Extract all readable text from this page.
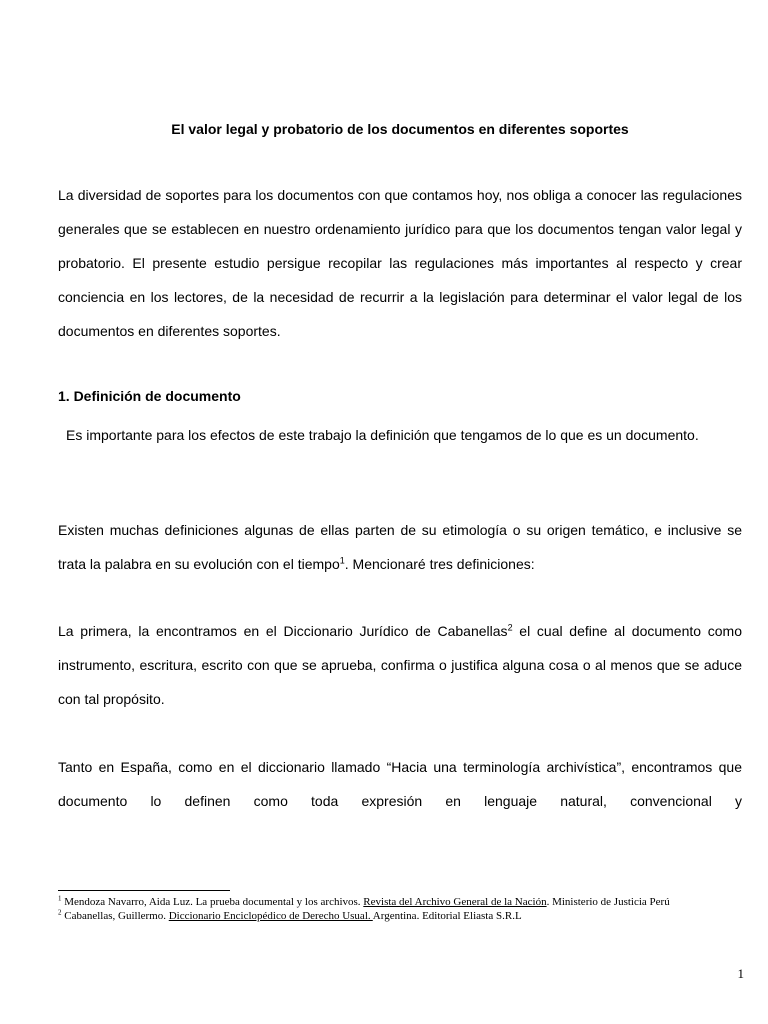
El valor legal y probatorio de los documentos en diferentes soportes

La diversidad de soportes para los documentos con que contamos hoy, nos obliga a conocer las regulaciones generales que se establecen en nuestro ordenamiento jurídico para que los documentos tengan valor legal y probatorio. El presente estudio persigue recopilar las regulaciones más importantes al respecto y crear conciencia en los lectores, de la necesidad de recurrir a la legislación para determinar el valor legal de los documentos en diferentes soportes.

1. Definición de documento

Es importante para los efectos de este trabajo la definición que tengamos de lo que es un documento.

Existen muchas definiciones algunas de ellas parten de su etimología o su origen temático, e inclusive se trata la palabra en su evolución con el tiempo$^1$. Mencionaré tres definiciones:

La primera, la encontramos en el Diccionario Jurídico de Cabanellas$^2$ el cual define al documento como instrumento, escritura, escrito con que se aprueba, confirma o justifica alguna cosa o al menos que se aduce con tal propósito.

Tanto en España, como en el diccionario llamado “Hacia una terminología archivística”, encontramos que documento lo definen como toda expresión en lenguaje natural, convencional y

$^1$ Mendoza Navarro, Aida Luz. La prueba documental y los archivos. Revista del Archivo General de la Nación. Ministerio de Justicia Perú

$^2$ Cabanellas, Guillermo. Diccionario Enciclopédico de Derecho Usual. Argentina. Editorial Eliasta S.R.L

1
